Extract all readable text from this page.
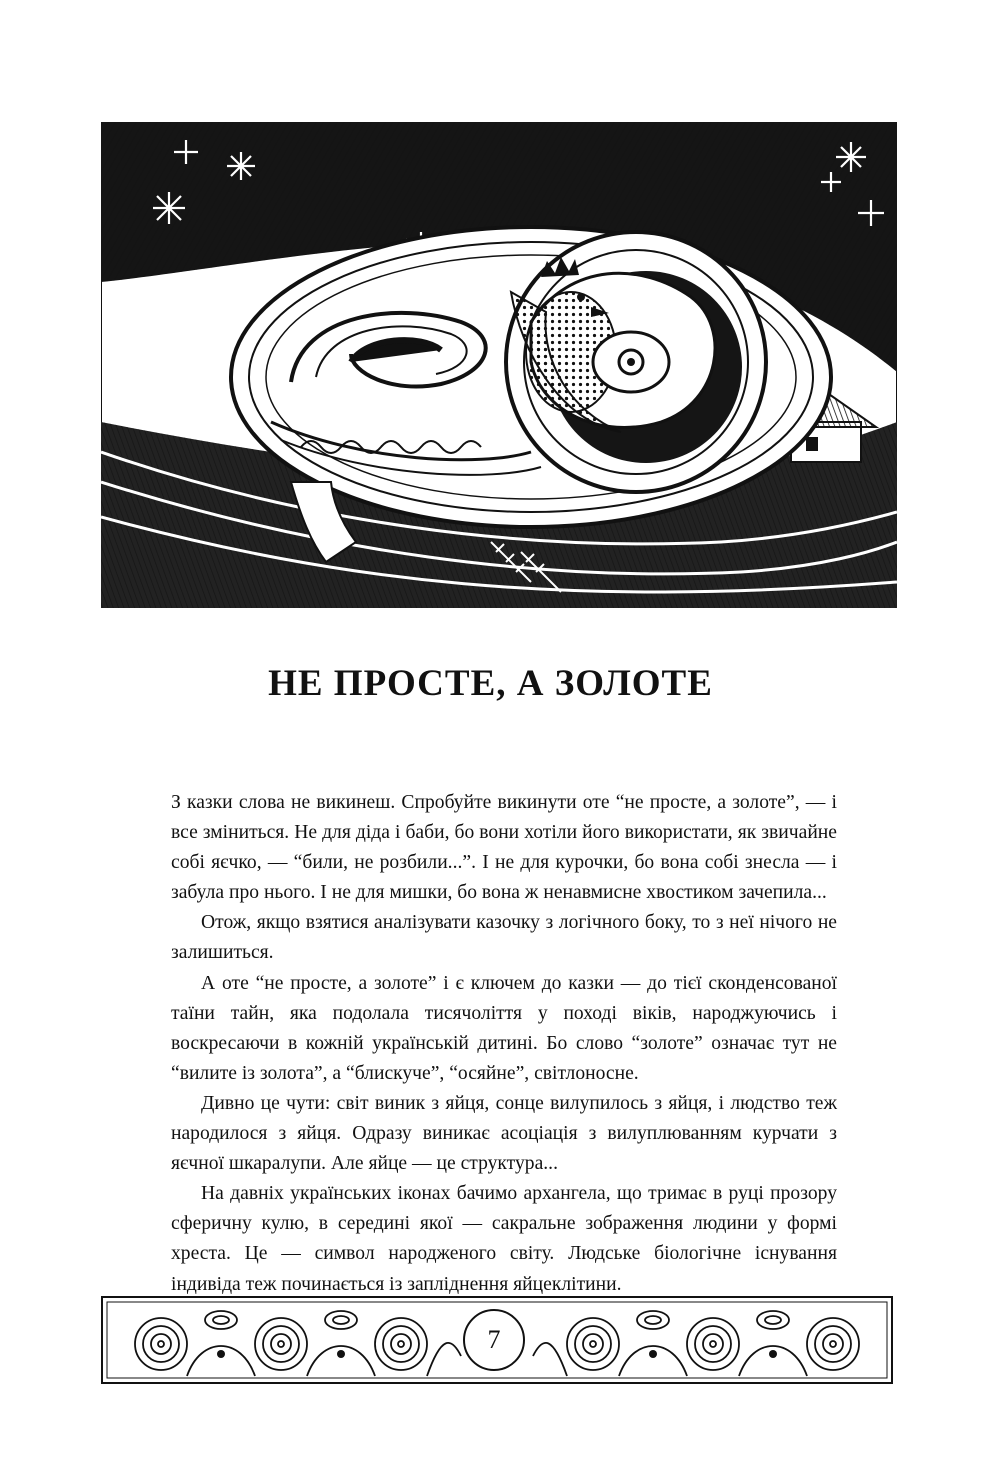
НЕ ПРОСТЕ, А ЗОЛОТЕ

З казки слова не викинеш. Спробуйте викинути оте “не просте, а золоте”, — і все зміниться. Не для діда і баби, бо вони хотіли його використати, як звичайне собі яєчко, — “били, не розбили...”. І не для курочки, бо вона собі знесла — і забула про нього. І не для мишки, бо вона ж ненавмисне хвостиком зачепила...

Отож, якщо взятися аналізувати казочку з логічного боку, то з неї нічого не залишиться.

А оте “не просте, а золоте” і є ключем до казки — до тієї сконденсованої таїни тайн, яка подолала тисячоліття у поході віків, народжуючись і воскресаючи в кожній українській дитині. Бо слово “золоте” означає тут не “вилите із золота”, а “блискуче”, “осяйне”, світлоносне.

Дивно це чути: світ виник з яйця, сонце вилупилось з яйця, і людство теж народилося з яйця. Одразу виникає асоціація з вилуплюванням курчати з яєчної шкаралупи. Але яйце — це структура...

На давніх українських іконах бачимо архангела, що тримає в руці прозору сферичну кулю, в середині якої — сакральне зображення людини у формі хреста. Це — символ народженого світу. Людське біологічне існування індивіда теж починається із запліднення яйцеклітини.

7
